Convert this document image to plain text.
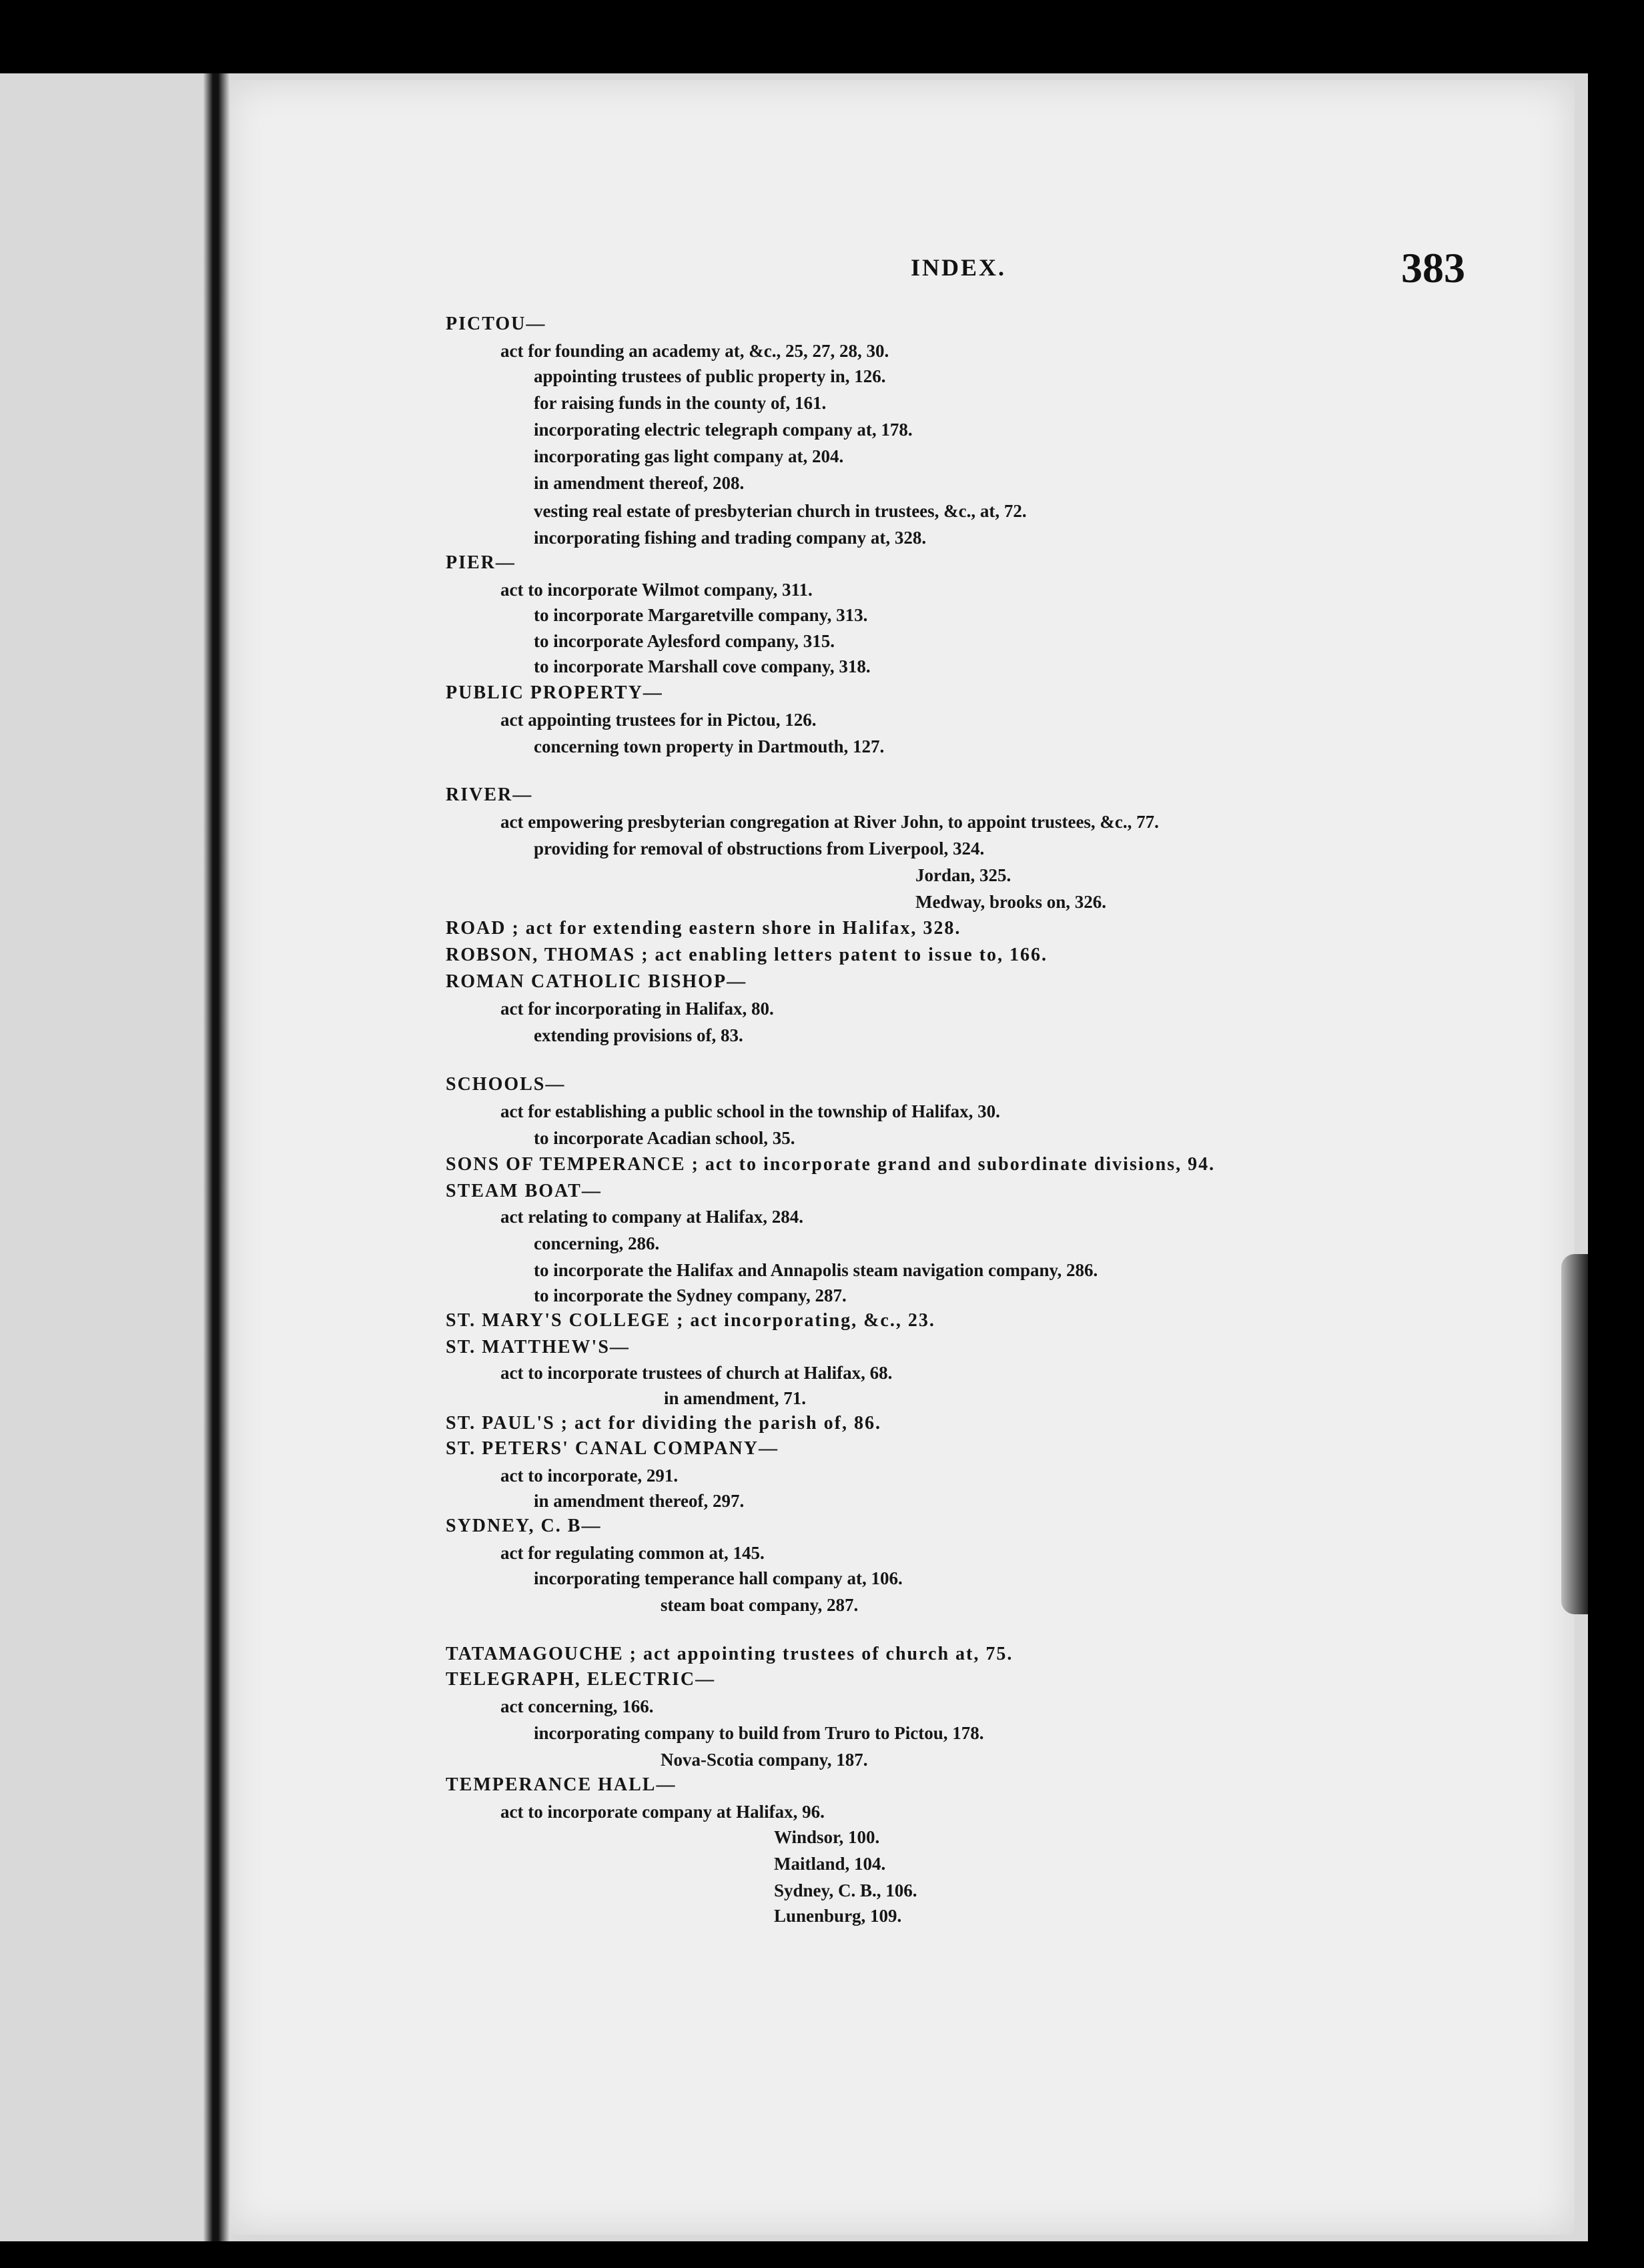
INDEX.	383
PICTOU—
act for founding an academy at, &c., 25, 27, 28, 30.
appointing trustees of public property in, 126.
for raising funds in the county of, 161.
incorporating electric telegraph company at, 178.
incorporating gas light company at, 204.
in amendment thereof, 208.
vesting real estate of presbyterian church in trustees, &c., at, 72.
incorporating fishing and trading company at, 328.
PIER—
act to incorporate Wilmot company, 311.
to incorporate Margaretville company, 313.
to incorporate Aylesford company, 315.
to incorporate Marshall cove company, 318.
PUBLIC PROPERTY—
act appointing trustees for in Pictou, 126.
concerning town property in Dartmouth, 127.
RIVER—
act empowering presbyterian congregation at River John, to appoint trustees, &c., 77.
providing for removal of obstructions from Liverpool, 324.
Jordan, 325.
Medway, brooks on, 326.
ROAD ; act for extending eastern shore in Halifax, 328.
ROBSON, THOMAS ; act enabling letters patent to issue to, 166.
ROMAN CATHOLIC BISHOP—
act for incorporating in Halifax, 80.
extending provisions of, 83.
SCHOOLS—
act for establishing a public school in the township of Halifax, 30.
to incorporate Acadian school, 35.
SONS OF TEMPERANCE ; act to incorporate grand and subordinate divisions, 94.
STEAM BOAT—
act relating to company at Halifax, 284.
concerning, 286.
to incorporate the Halifax and Annapolis steam navigation company, 286.
to incorporate the Sydney company, 287.
ST. MARY'S COLLEGE ; act incorporating, &c., 23.
ST. MATTHEW'S—
act to incorporate trustees of church at Halifax, 68.
in amendment, 71.
ST. PAUL'S ; act for dividing the parish of, 86.
ST. PETERS' CANAL COMPANY—
act to incorporate, 291.
in amendment thereof, 297.
SYDNEY, C. B—
act for regulating common at, 145.
incorporating temperance hall company at, 106.
steam boat company, 287.
TATAMAGOUCHE ; act appointing trustees of church at, 75.
TELEGRAPH, ELECTRIC—
act concerning, 166.
incorporating company to build from Truro to Pictou, 178.
Nova-Scotia company, 187.
TEMPERANCE HALL—
act to incorporate company at Halifax, 96.
Windsor, 100.
Maitland, 104.
Sydney, C. B., 106.
Lunenburg, 109.
